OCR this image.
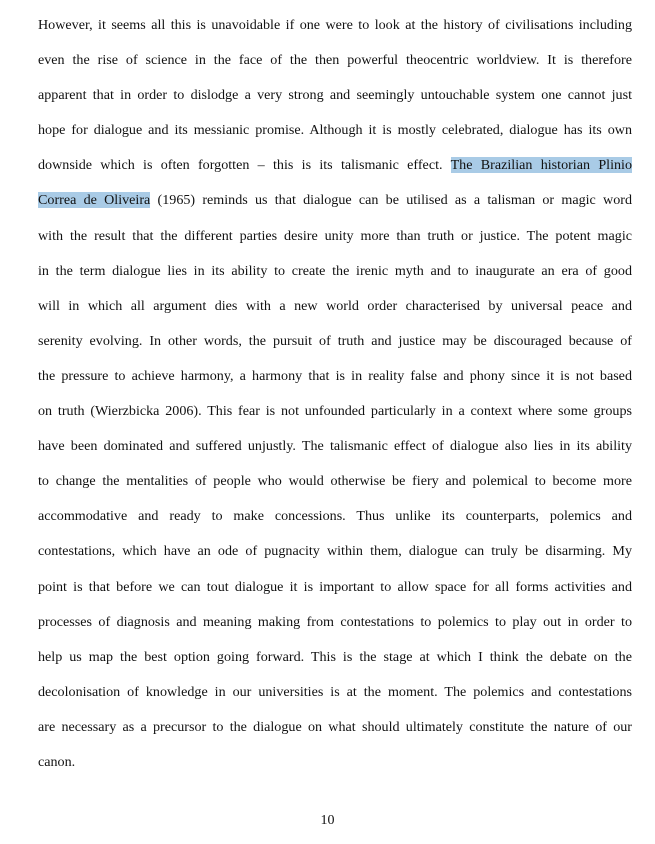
However, it seems all this is unavoidable if one were to look at the history of civilisations including
even the rise of science in the face of the then powerful theocentric worldview. It is therefore
apparent that in order to dislodge a very strong and seemingly untouchable system one cannot just
hope for dialogue and its messianic promise. Although it is mostly celebrated, dialogue has its own
downside which is often forgotten – this is its talismanic effect. The Brazilian historian Plinio
Correa de Oliveira (1965) reminds us that dialogue can be utilised as a talisman or magic word
with the result that the different parties desire unity more than truth or justice. The potent magic
in the term dialogue lies in its ability to create the irenic myth and to inaugurate an era of good
will in which all argument dies with a new world order characterised by universal peace and
serenity evolving. In other words, the pursuit of truth and justice may be discouraged because of
the pressure to achieve harmony, a harmony that is in reality false and phony since it is not based
on truth (Wierzbicka 2006). This fear is not unfounded particularly in a context where some groups
have been dominated and suffered unjustly. The talismanic effect of dialogue also lies in its ability
to change the mentalities of people who would otherwise be fiery and polemical to become more
accommodative and ready to make concessions. Thus unlike its counterparts, polemics and
contestations, which have an ode of pugnacity within them, dialogue can truly be disarming. My
point is that before we can tout dialogue it is important to allow space for all forms activities and
processes of diagnosis and meaning making from contestations to polemics to play out in order to
help us map the best option going forward. This is the stage at which I think the debate on the
decolonisation of knowledge in our universities is at the moment. The polemics and contestations
are necessary as a precursor to the dialogue on what should ultimately constitute the nature of our
canon.
10
